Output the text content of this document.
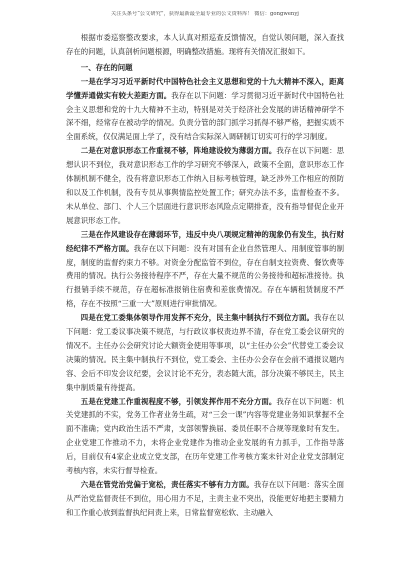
关注头条号“公文研究”，获得最新最全最专业的公文资料库！ 微信：gongwenyj

根据市委巡察整改要求，本人认真对照巡查反馈情况，自觉认领问题，深入查找存在的问题，认真剖析问题根源，明确整改措施。现将有关情况汇报如下。

一、存在的问题

一是在学习习近平新时代中国特色社会主义思想和党的十九大精神不深入，距离学懂弄通做实有较大差距方面。我存在以下问题：学习贯彻习近平新时代中国特色社会主义思想和党的十九大精神不主动，特别是对关于经济社会发展的讲话精神研学不深不细，经常存在被动学的情况。负责分管的部门抓学习抓得不够严格，把握实质不全面系统，仅仅满足面上学了，没有结合实际深入调研制订切实可行的学习制度。

二是在对意识形态工作重视不够，阵地建设较为薄弱方面。我存在以下问题：思想认识不到位，我对意识形态工作的学习研究不够深入，政策不全面，意识形态工作体制机制不健全，没有将意识形态工作纳入目标考核管理，缺乏涉外工作相应的预防和以及工作机制，没有专员从事舆情监控处置工作；研究办法不多，监督检查不多。未从单位、部门、个人三个层面进行意识形态风险点定期排查，没有指导督促企业开展意识形态工作。

三是在作风建设存在薄弱环节，违反中央八项规定精神的现象仍有发生，执行财经纪律不严格方面。我存在以下问题：没有对国有企业自然管理人、用制度管事的制度，制度的监督约束力不够。对资金分配监管不到位，存在自制支拉资费、餐饮费等费用的情况。执行公务接待程序不严，存在大量不规范的公务接待和超标准接待。执行报销手续不规范，存在超标准报销住宿费和差旅费情况。存在车辆租赁制度不严格，存在不按照“三重一大”原则进行审批情况。

四是在党工委集体领导作用发挥不充分，民主集中制执行不到位方面。我存在以下问题：党工委议事决策不规范，与行政议事权责边界不清，存在党工委会议研究的情况不。主任办公会研究讨论大额资金使用等事项，以“主任办公会”代替党工委会议决策的情况。民主集中制执行不到位，党工委会、主任办公会存在会前不通报议题内容、会后不印发会议纪要，会议讨论不充分，表态随大流，部分决策不够民主，民主集中制质量有待提高。

五是在党建工作重视程度不够，引领发挥作用不充分方面。我存在以下问题：机关党建抓的不实，党务工作者业务生疏，对“三会一课”内容等党建业务知识掌握不全面不准确；党内政治生活不严肃，支部领警换届、委员任职不合规等现象时有发生。企业党建工作推动不力，未将企业党建作为推动企业发展的有力抓手，工作指导落后，目前仅有4家企业成立党支部，在历年党建工作考核方案未针对企业党支部制定考核内容，未实行督导检查。

六是在管党治党偏于宽松，责任落实不够有力方面。我存在以下问题：落实全面从严治党监督责任不到位，用心用力不足，主责主业不突出，没能更好地把主要精力和工作重心放到监督执纪问责上来，日常监督宽松软、主动融入
